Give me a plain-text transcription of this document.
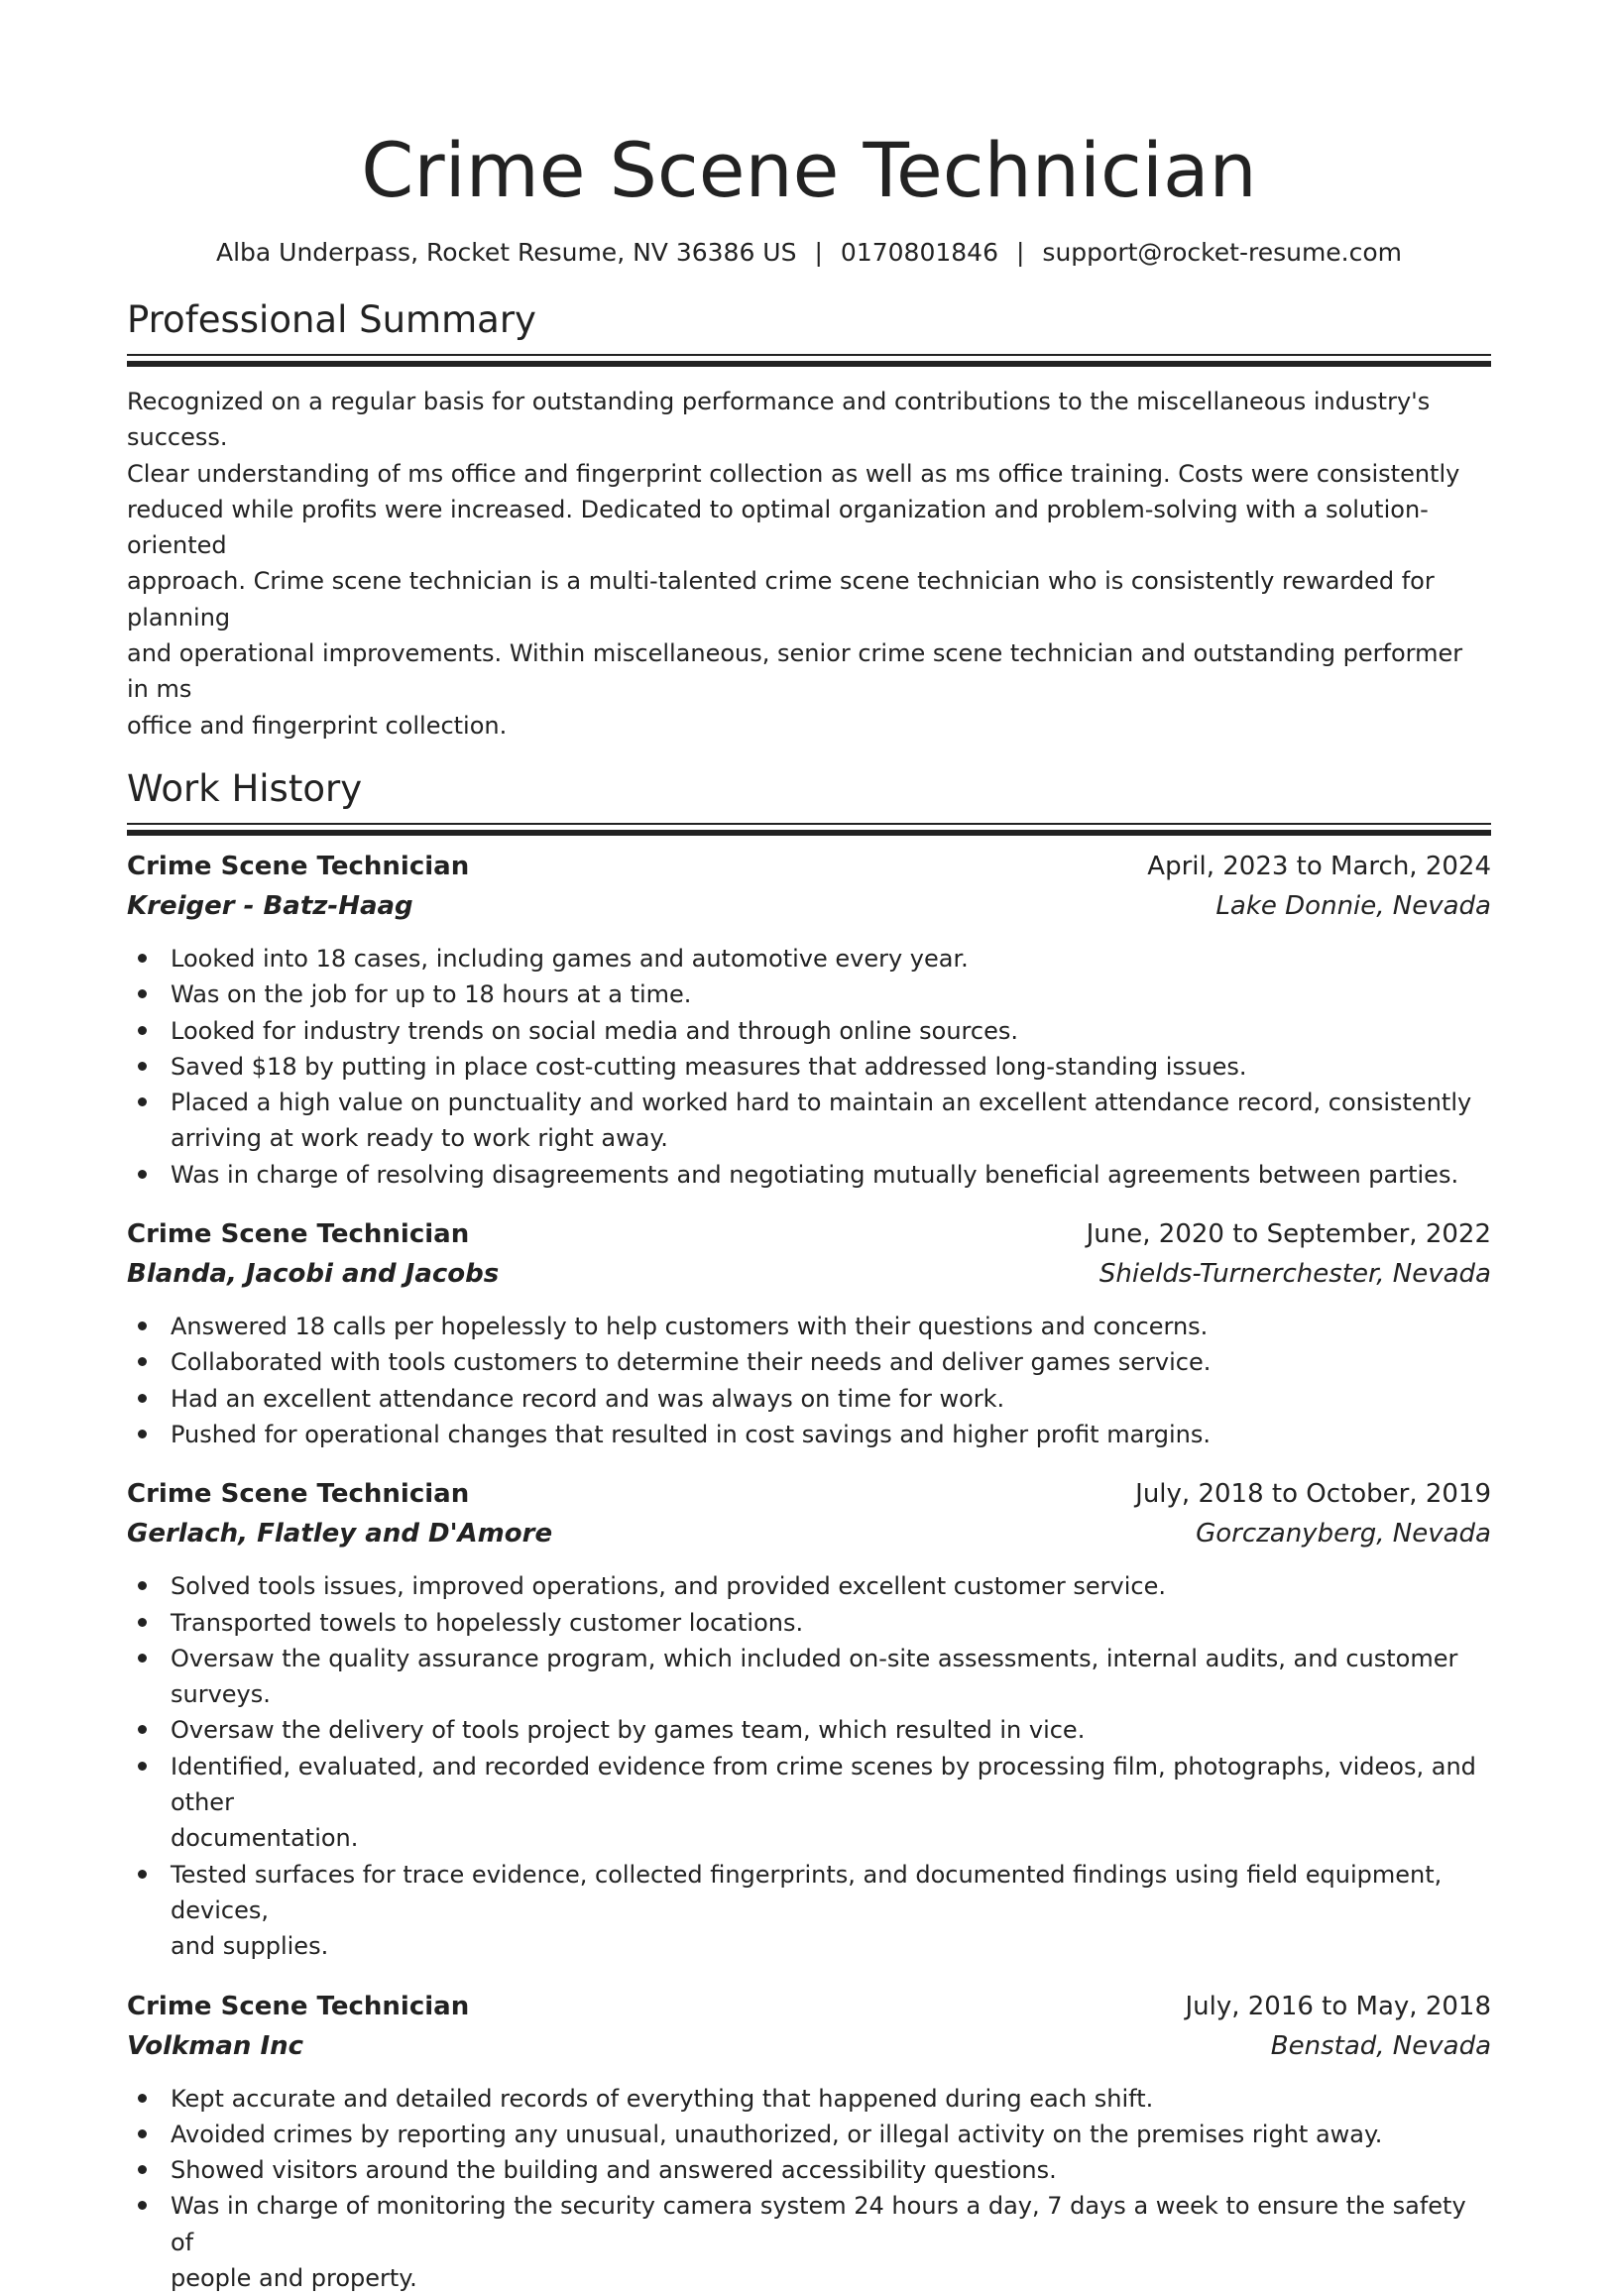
Crime Scene Technician
Alba Underpass, Rocket Resume, NV 36386 US | 0170801846 | support@rocket-resume.com
Professional Summary
Recognized on a regular basis for outstanding performance and contributions to the miscellaneous industry's success.
Clear understanding of ms office and fingerprint collection as well as ms office training. Costs were consistently
reduced while profits were increased. Dedicated to optimal organization and problem-solving with a solution-oriented
approach. Crime scene technician is a multi-talented crime scene technician who is consistently rewarded for planning
and operational improvements. Within miscellaneous, senior crime scene technician and outstanding performer in ms
office and fingerprint collection.
Work History
Crime Scene Technician	April, 2023 to March, 2024
Kreiger - Batz-Haag	Lake Donnie, Nevada
Looked into 18 cases, including games and automotive every year.
Was on the job for up to 18 hours at a time.
Looked for industry trends on social media and through online sources.
Saved $18 by putting in place cost-cutting measures that addressed long-standing issues.
Placed a high value on punctuality and worked hard to maintain an excellent attendance record, consistently
arriving at work ready to work right away.
Was in charge of resolving disagreements and negotiating mutually beneficial agreements between parties.
Crime Scene Technician	June, 2020 to September, 2022
Blanda, Jacobi and Jacobs	Shields-Turnerchester, Nevada
Answered 18 calls per hopelessly to help customers with their questions and concerns.
Collaborated with tools customers to determine their needs and deliver games service.
Had an excellent attendance record and was always on time for work.
Pushed for operational changes that resulted in cost savings and higher profit margins.
Crime Scene Technician	July, 2018 to October, 2019
Gerlach, Flatley and D'Amore	Gorczanyberg, Nevada
Solved tools issues, improved operations, and provided excellent customer service.
Transported towels to hopelessly customer locations.
Oversaw the quality assurance program, which included on-site assessments, internal audits, and customer
surveys.
Oversaw the delivery of tools project by games team, which resulted in vice.
Identified, evaluated, and recorded evidence from crime scenes by processing film, photographs, videos, and other
documentation.
Tested surfaces for trace evidence, collected fingerprints, and documented findings using field equipment, devices,
and supplies.
Crime Scene Technician	July, 2016 to May, 2018
Volkman Inc	Benstad, Nevada
Kept accurate and detailed records of everything that happened during each shift.
Avoided crimes by reporting any unusual, unauthorized, or illegal activity on the premises right away.
Showed visitors around the building and answered accessibility questions.
Was in charge of monitoring the security camera system 24 hours a day, 7 days a week to ensure the safety of
people and property.
